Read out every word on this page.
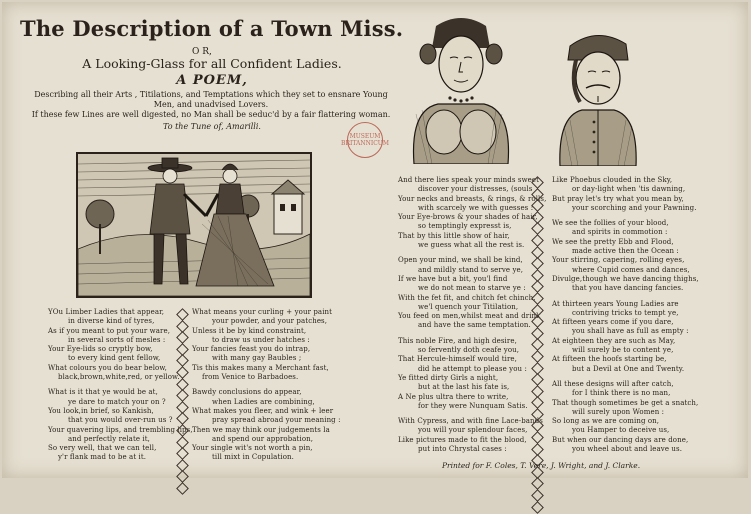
The Description of a Town Miss.
O R,
A Looking-Glass for all Confident Ladies.
A POEM,
Describing all their Arts , Titilations, and Temptations which they set to ensnare Young
Men, and unadvised Lovers.
If these few Lines are well digested, no Man shall be seduc'd by a fair flattering woman.
To the Tune of, Amarilli.
MUSEUM BRITANNICUM
YOu Limber Ladies that appear,
in diverse kind of tyres,
As if you meant to put your ware,
in several sorts of mesles :
Your Eye-lids so cryptly bow,
to every kind gent fellow,
What colours you do bear below,
black,brown,white,red, or yellow.
What is it that ye would be at,
ye dare to match your on ?
You look,in brief, so Kankish,
that you would over-run us ?
Your quavering lips, and trembling lips,
and perfectly relate it,
So very well, that we can tell,
y'r flank mad to be at it.
What means your curling + your paint
your powder, and your patches,
Unless it be by kind constraint,
to draw us under hatches :
Your fancies feast you do intrap,
with many gay Baubles ;
Tis this makes many a Merchant fast,
from Venice to Barbadoes.
Bawdy conclusions do appear,
when Ladies are combining,
What makes you fleer, and wink + leer
pray spread abroad your meaning :
Then we may think our judgements la
and spend our approbation,
Your single wit's not worth a pin,
till mixt in Copulation.
And there lies speak your minds sweet
discover your distresses, (souls
Your necks and breasts, & rings, & rolls,
with scarcely we with guesses :
Your Eye-brows & your shades of hair,
so temptingly expresst is,
That by this little show of hair,
we guess what all the rest is.
Open your mind, we shall be kind,
and mildly stand to serve ye,
If we have but a bit, you'l find
we do not mean to starve ye :
With the fet fit, and chitch fet chinch,
we'l quench your Titilation,
You feed on men,whilst meat and drink
and have the same temptation.
This noble Fire, and high desire,
so fervently doth ceafe you,
That Hercule-himself would tire,
did he attempt to please you :
Ye fitted dirty Girls a night,
but at the last his fate is,
A Ne plus ultra there to write,
for they were Nunquam Satis.
With Cypress, and with fine Lace-bands
you will your splendour faces,
Like pictures made to fit the blood,
put into Chrystal cases :
Like Phoebus clouded in the Sky,
or day-light when 'tis dawning,
But pray let's try what you mean by,
your scorching and your Pawning.
We see the follies of your blood,
and spirits in commotion :
We see the pretty Ebb and Flood,
made active then the Ocean :
Your stirring, capering, rolling eyes,
where Cupid comes and dances,
Divulge,though we have dancing thighs,
that you have dancing fancies.
At thirteen years Young Ladies are
contriving tricks to tempt ye,
At fifteen years come if you dare,
you shall have as full as empty :
At eighteen they are such as May,
will surely be to content ye,
At fifteen the hoofs starting be,
but a Devil at One and Twenty.
All these designs will after catch,
for I think there is no man,
That though sometimes be get a snatch,
will surely upon Women :
So long as we are coming on,
you Hamper to deceive us,
But when our dancing days are done,
you wheel about and leave us.
Printed for F. Coles, T. Vere, J. Wright, and J. Clarke.
